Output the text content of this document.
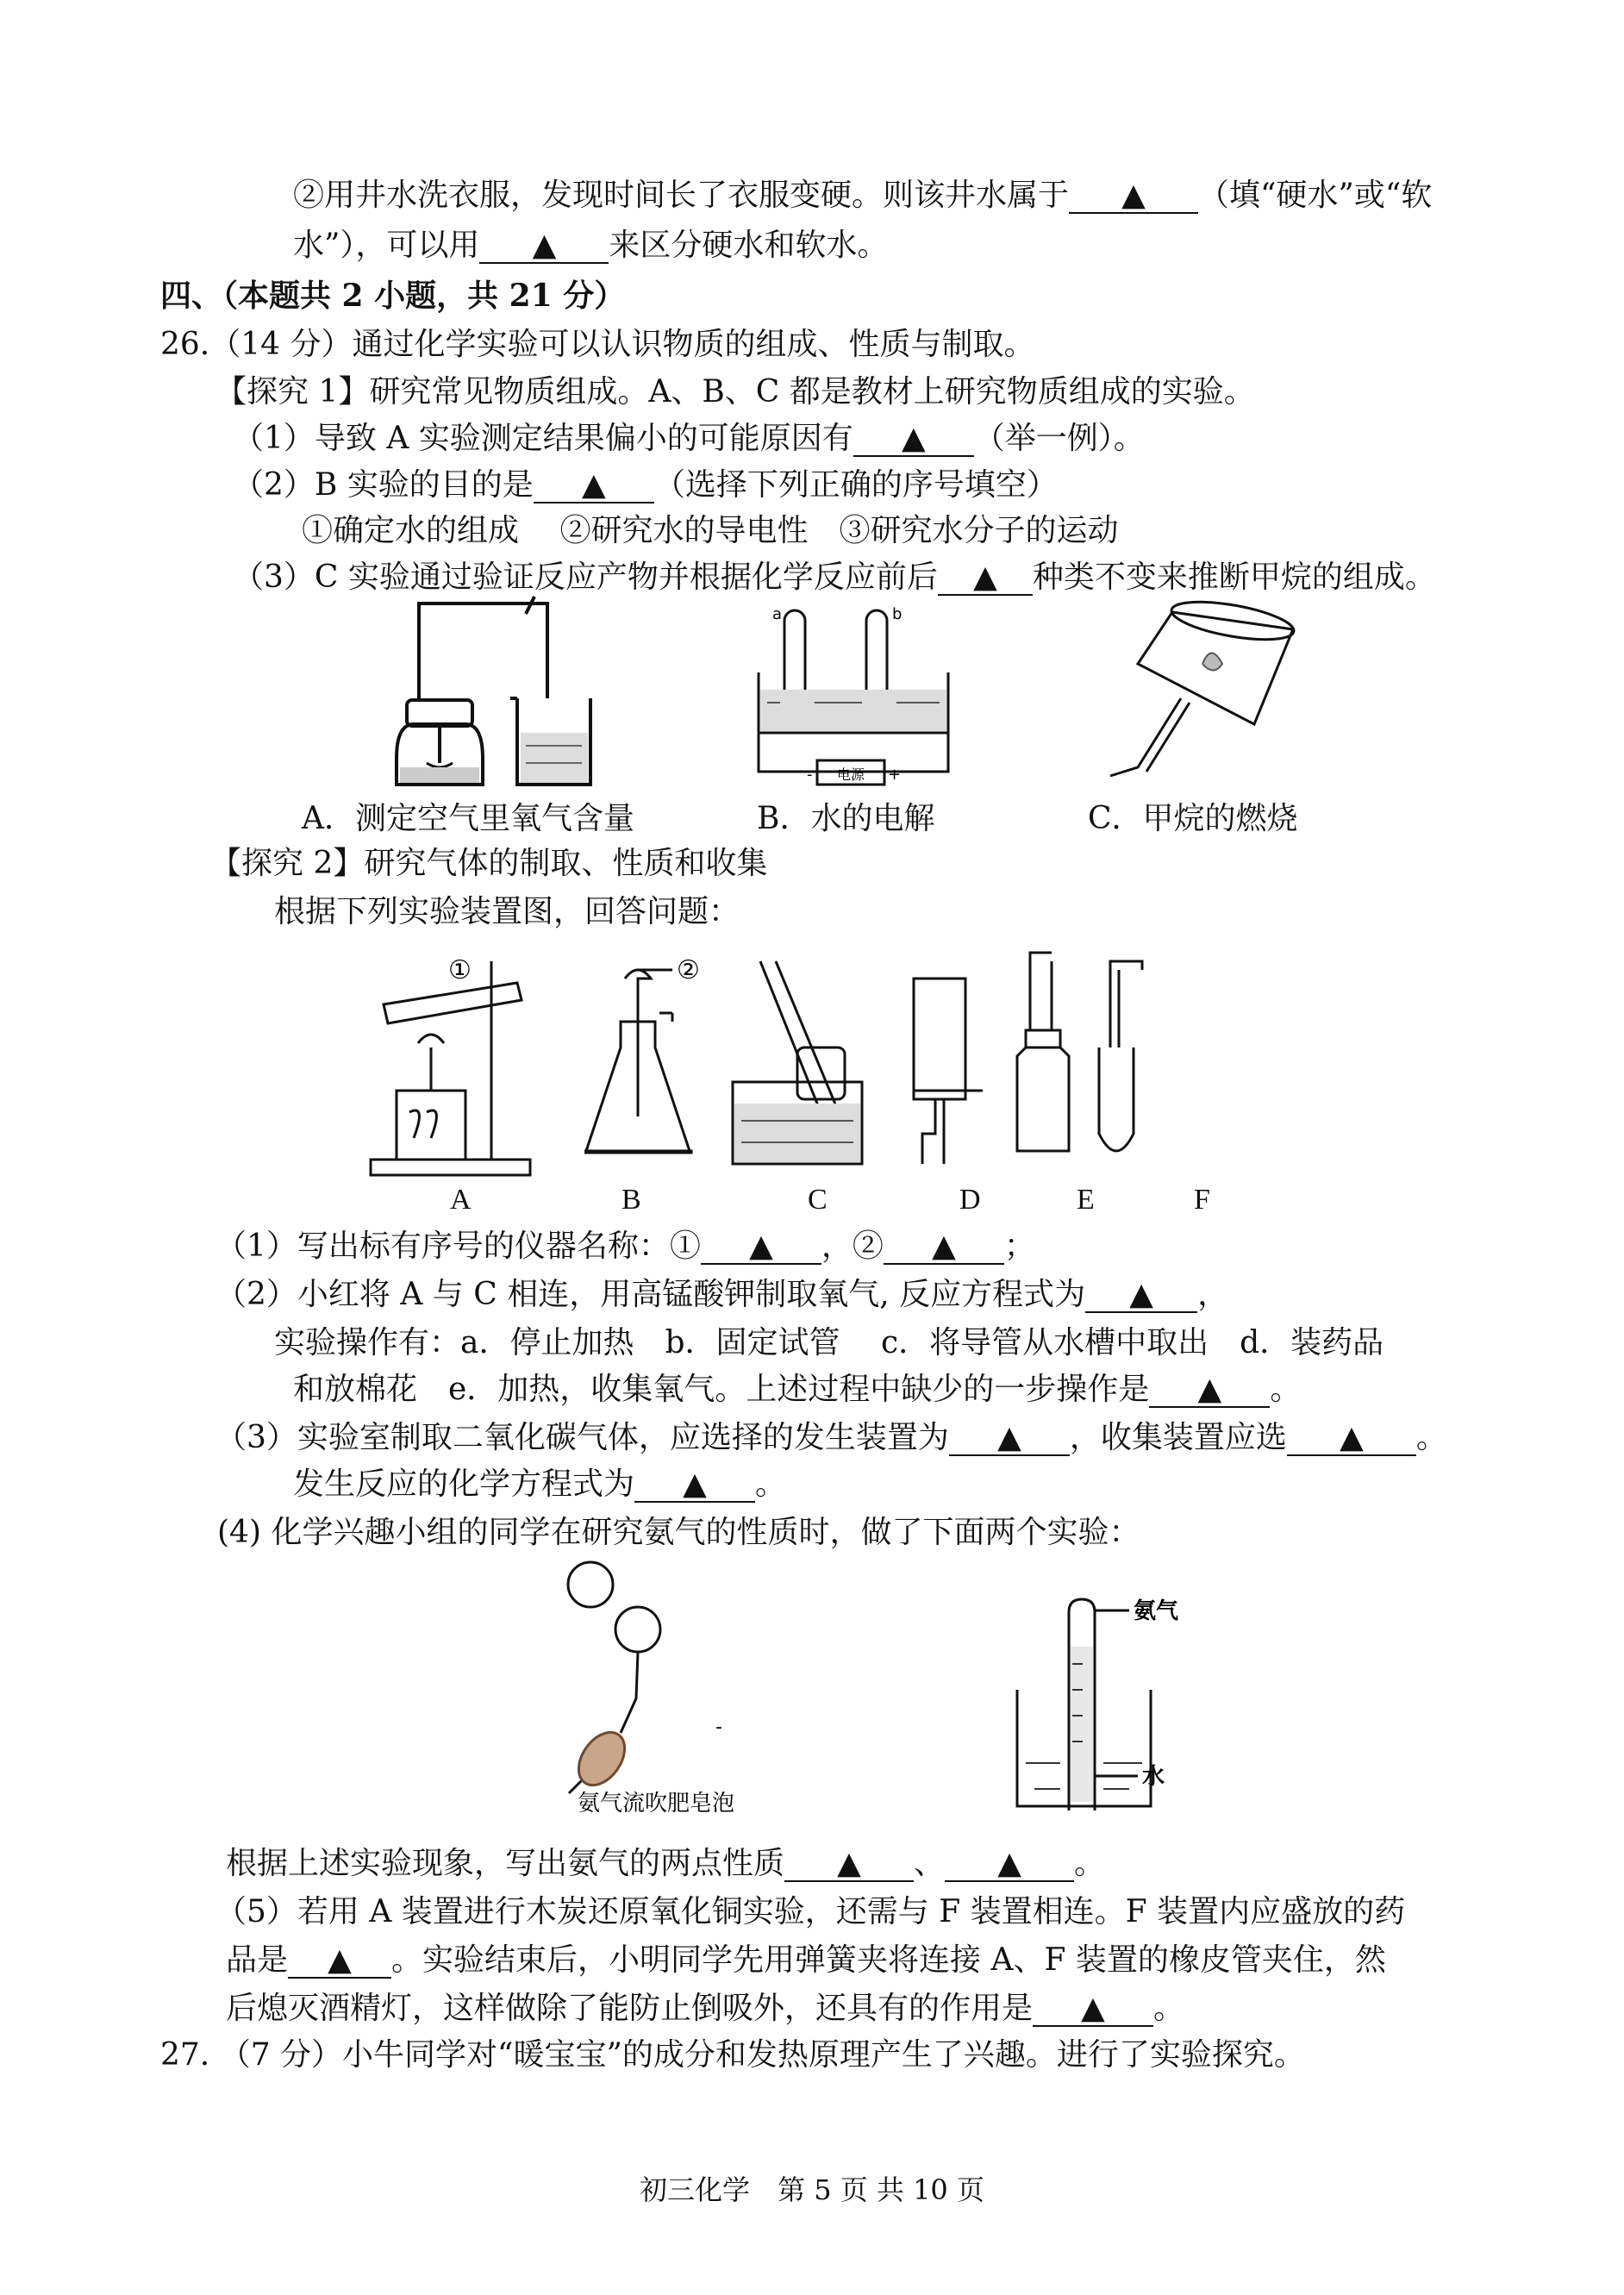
②用井水洗衣服，发现时间长了衣服变硬。则该井水属于 ▲ （填“硬水”或“软
水”），可以用 ▲ 来区分硬水和软水。
四、（本题共 2 小题，共 21 分）
26.（14 分）通过化学实验可以认识物质的组成、性质与制取。
【探究 1】研究常见物质组成。A、B、C 都是教材上研究物质组成的实验。
（1）导致 A 实验测定结果偏小的可能原因有 ▲ （举一例）。
（2）B 实验的目的是 ▲ （选择下列正确的序号填空）
①确定水的组成　 ②研究水的导电性　③研究水分子的运动
（3）C 实验通过验证反应产物并根据化学反应前后 ▲ 种类不变来推断甲烷的组成。
a	b
电源
-	+
A．测定空气里氧气含量	B．水的电解	C．甲烷的燃烧
【探究 2】研究气体的制取、性质和收集
根据下列实验装置图，回答问题：
①	②
A	B	C	D	E	F
（1）写出标有序号的仪器名称：① ▲ ，② ▲ ；
（2）小红将 A 与 C 相连，用高锰酸钾制取氧气, 反应方程式为 ▲ ，
实验操作有：a．停止加热　b．固定试管　 c．将导管从水槽中取出　d．装药品
和放棉花　e．加热，收集氧气。上述过程中缺少的一步操作是 ▲ 。
（3）实验室制取二氧化碳气体，应选择的发生装置为 ▲ ，收集装置应选 ▲ 。
发生反应的化学方程式为 ▲ 。
(4) 化学兴趣小组的同学在研究氨气的性质时，做了下面两个实验：
-
氨气流吹肥皂泡
氨气
水
根据上述实验现象，写出氨气的两点性质 ▲ 、 ▲ 。
（5）若用 A 装置进行木炭还原氧化铜实验，还需与 F 装置相连。F 装置内应盛放的药
品是 ▲ 。实验结束后，小明同学先用弹簧夹将连接 A、F 装置的橡皮管夹住，然
后熄灭酒精灯，这样做除了能防止倒吸外，还具有的作用是 ▲ 。
27. （7 分）小牛同学对“暖宝宝”的成分和发热原理产生了兴趣。进行了实验探究。
初三化学　第 5 页 共 10 页
